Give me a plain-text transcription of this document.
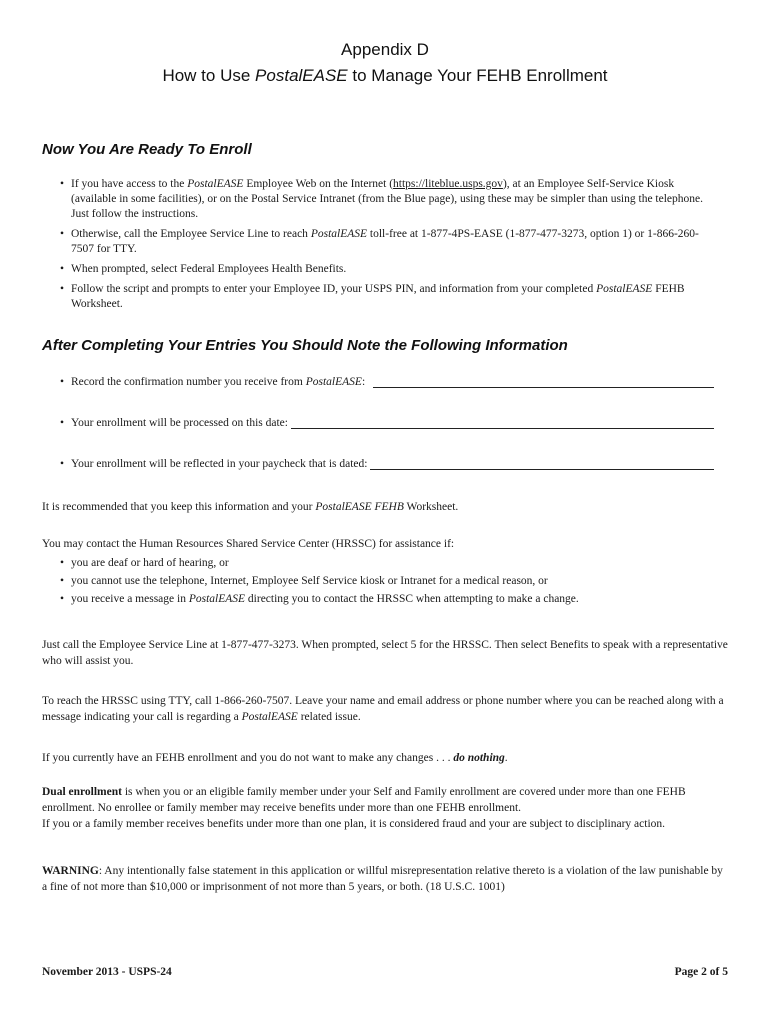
Appendix D
How to Use PostalEASE to Manage Your FEHB Enrollment
Now You Are Ready To Enroll
• If you have access to the PostalEASE Employee Web on the Internet (https://liteblue.usps.gov), at an Employee Self-Service Kiosk (available in some facilities), or on the Postal Service Intranet (from the Blue page), using these may be simpler than using the telephone. Just follow the instructions.
• Otherwise, call the Employee Service Line to reach PostalEASE toll-free at 1-877-4PS-EASE (1-877-477-3273, option 1) or 1-866-260-7507 for TTY.
• When prompted, select Federal Employees Health Benefits.
• Follow the script and prompts to enter your Employee ID, your USPS PIN, and information from your completed PostalEASE FEHB Worksheet.
After Completing Your Entries You Should Note the Following Information
• Record the confirmation number you receive from PostalEASE:
• Your enrollment will be processed on this date:
• Your enrollment will be reflected in your paycheck that is dated:

It is recommended that you keep this information and your PostalEASE FEHB Worksheet.

You may contact the Human Resources Shared Service Center (HRSSC) for assistance if:

• you are deaf or hard of hearing, or
• you cannot use the telephone, Internet, Employee Self Service kiosk or Intranet for a medical reason, or
• you receive a message in PostalEASE directing you to contact the HRSSC when attempting to make a change.

Just call the Employee Service Line at 1-877-477-3273. When prompted, select 5 for the HRSSC. Then select Benefits to speak with a representative who will assist you.

To reach the HRSSC using TTY, call 1-866-260-7507. Leave your name and email address or phone number where you can be reached along with a message indicating your call is regarding a PostalEASE related issue.

If you currently have an FEHB enrollment and you do not want to make any changes . . . do nothing.

Dual enrollment is when you or an eligible family member under your Self and Family enrollment are covered under more than one FEHB enrollment. No enrollee or family member may receive benefits under more than one FEHB enrollment.
If you or a family member receives benefits under more than one plan, it is considered fraud and your are subject to disciplinary action.

WARNING: Any intentionally false statement in this application or willful misrepresentation relative thereto is a violation of the law punishable by a fine of not more than $10,000 or imprisonment of not more than 5 years, or both. (18 U.S.C. 1001)

November 2013 - USPS-24	Page 2 of 5
